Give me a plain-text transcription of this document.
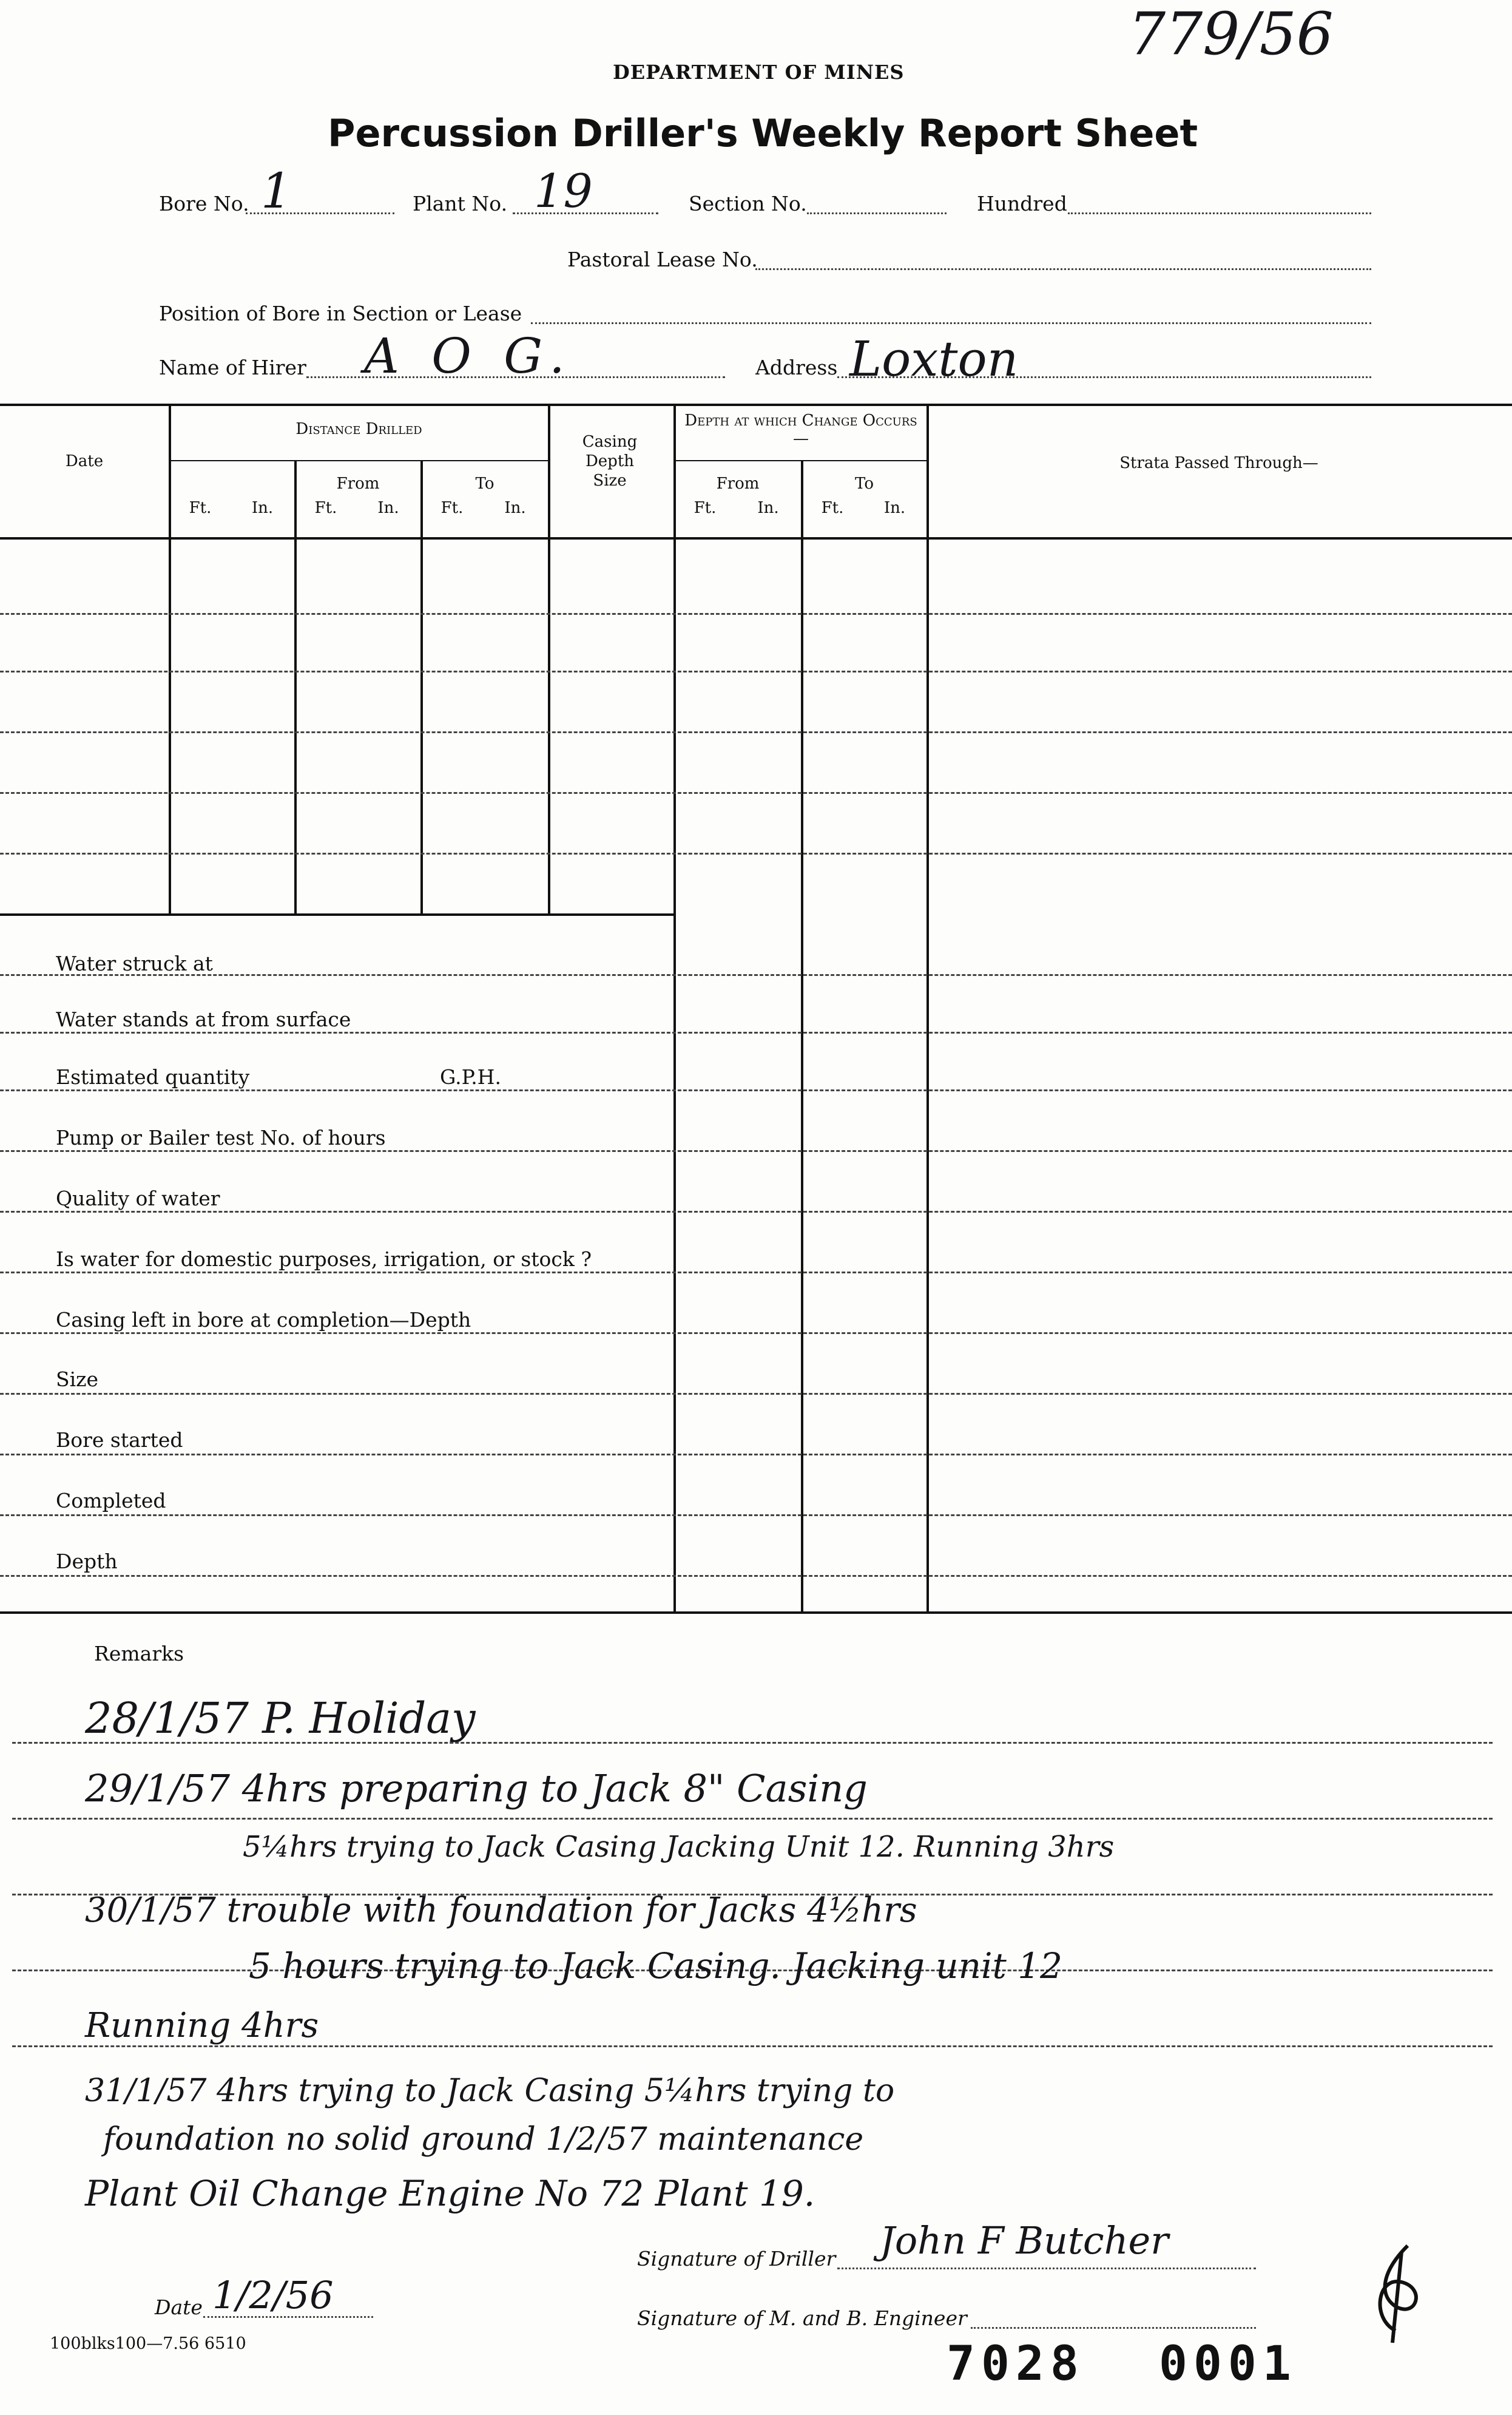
779/56
DEPARTMENT OF MINES
Percussion Driller's Weekly Report Sheet
Bore No. 1	Plant No. 19	Section No.	Hundred
Pastoral Lease No.
Position of Bore in Section or Lease
Name of Hirer A O G.	Address Loxton
Date
Distance Drilled
Ft.	In.
From
Ft.	In.
To
Ft.	In.
Casing Depth Size
Depth at which Change Occurs—
From
Ft.	In.
To
Ft.	In.
Strata Passed Through—
Water struck at
Water stands at from surface
Estimated quantity	G.P.H.
Pump or Bailer test No. of hours
Quality of water
Is water for domestic purposes, irrigation, or stock ?
Casing left in bore at completion—Depth
Size
Bore started
Completed
Depth
Remarks
28/1/57 P. Holiday
29/1/57 4hrs preparing to Jack 8" Casing
5¼hrs trying to Jack Casing Jacking Unit 12. Running 3hrs
30/1/57 trouble with foundation for Jacks 4½hrs
5 hours trying to Jack Casing. Jacking unit 12
Running 4hrs
31/1/57 4hrs trying to Jack Casing 5¼hrs trying to
foundation no solid ground 1/2/57 maintenance
Plant Oil Change Engine No 72 Plant 19.
Signature of Driller John F Butcher
Date 1/2/56
Signature of M. and B. Engineer
100blks100—7.56 6510	7028 0001
